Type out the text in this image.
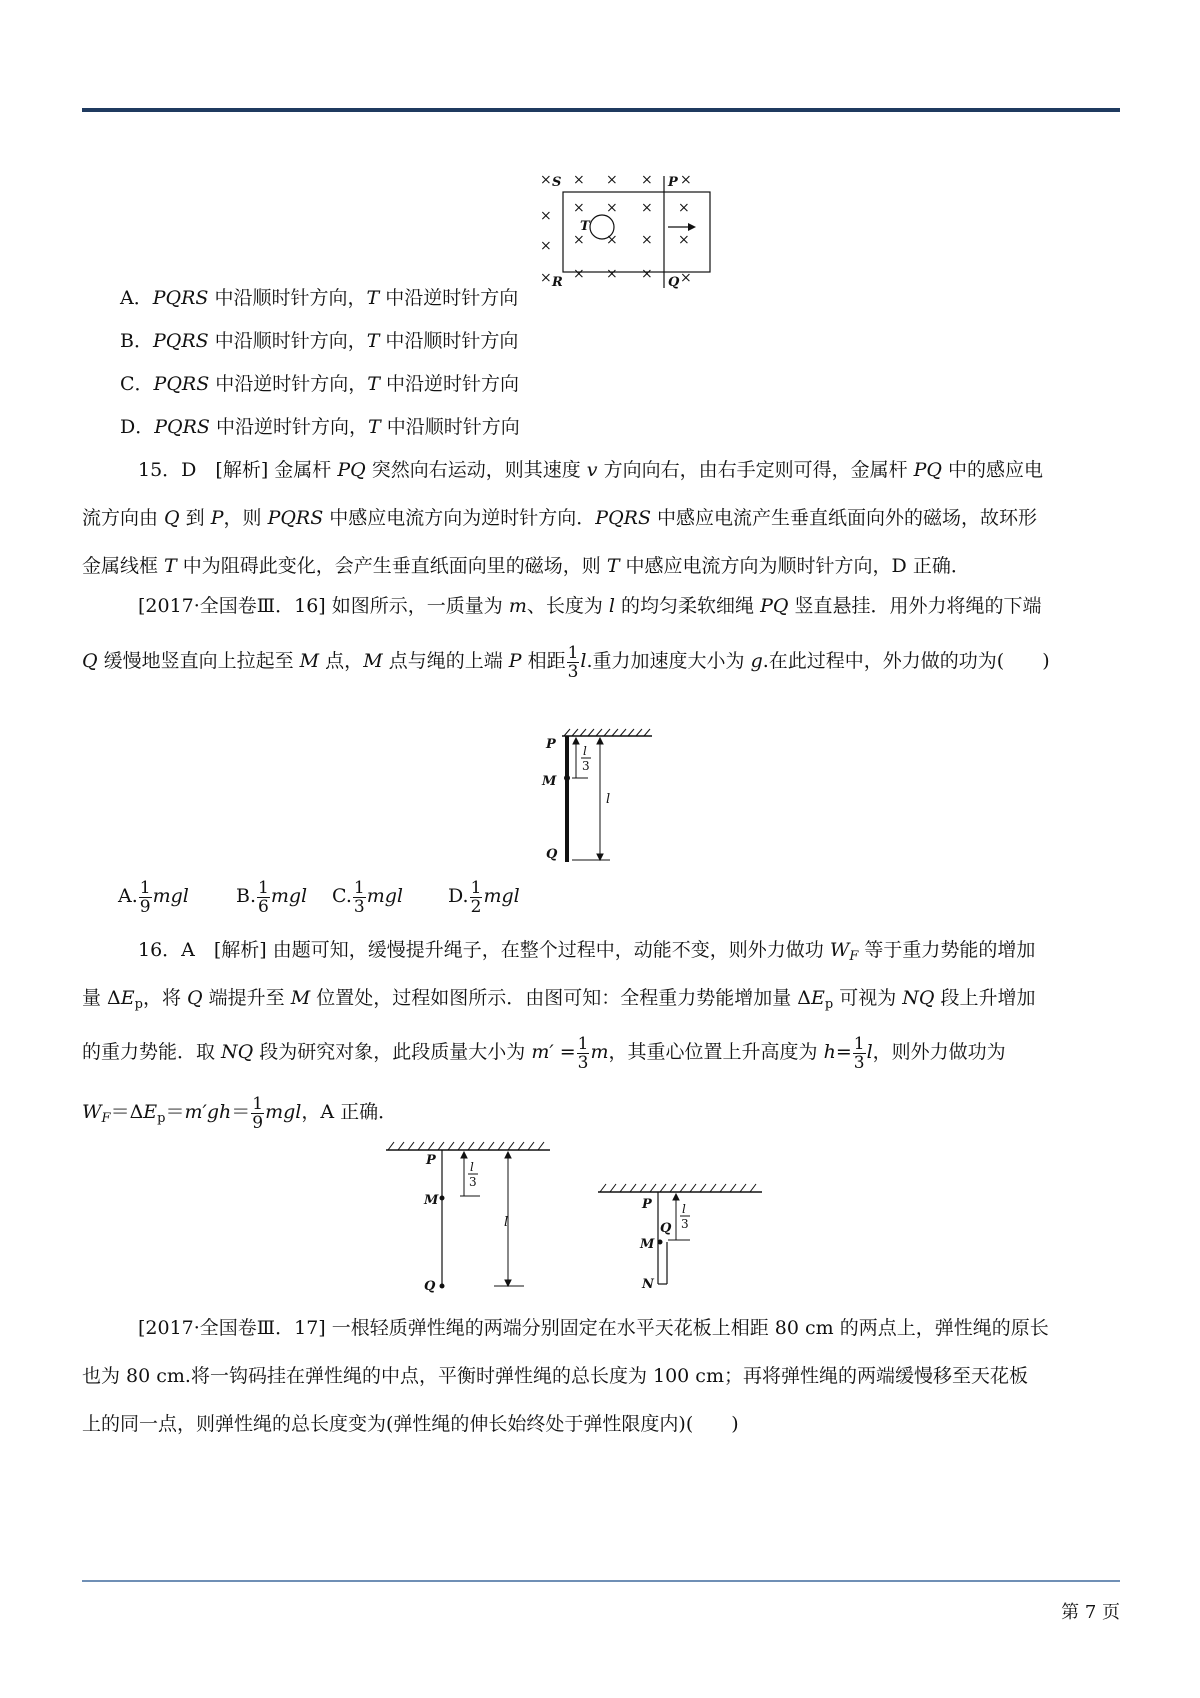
× × × × ×
× × × × ×
× × × × ×
× × × × ×
S	P
T
R	Q
A．PQRS 中沿顺时针方向，T 中沿逆时针方向
B．PQRS 中沿顺时针方向，T 中沿顺时针方向
C．PQRS 中沿逆时针方向，T 中沿逆时针方向
D．PQRS 中沿逆时针方向，T 中沿顺时针方向
15．D　[解析] 金属杆 PQ 突然向右运动，则其速度 v 方向向右，由右手定则可得，金属杆 PQ 中的感应电
流方向由 Q 到 P，则 PQRS 中感应电流方向为逆时针方向．PQRS 中感应电流产生垂直纸面向外的磁场，故环形
金属线框 T 中为阻碍此变化，会产生垂直纸面向里的磁场，则 T 中感应电流方向为顺时针方向，D 正确．
[2017·全国卷Ⅲ．16] 如图所示，一质量为 m、长度为 l 的均匀柔软细绳 PQ 竖直悬挂．用外力将绳的下端
Q 缓慢地竖直向上拉起至 M 点，M 点与绳的上端 P 相距 $\frac{1}{3} l$.重力加速度大小为 g.在此过程中，外力做的功为(　　)
P
M
Q
l
l
3
A. $\frac{1}{9}$ mgl B. $\frac{1}{6}$ mgl C. $\frac{1}{3}$ mgl D. $\frac{1}{2}$ mgl
16．A　[解析] 由题可知，缓慢提升绳子，在整个过程中，动能不变，则外力做功 $W_F$ 等于重力势能的增加
量 $\Delta E_p$，将 Q 端提升至 M 位置处，过程如图所示．由图可知：全程重力势能增加量 $\Delta E_p$ 可视为 NQ 段上升增加
的重力势能．取 NQ 段为研究对象，此段质量大小为 $m' = \frac{1}{3}$ m，其重心位置上升高度为 $h= \frac{1}{3}$ l，则外力做功为
$W_F=\Delta E_p=m'gh= \frac{1}{9}$ mgl，A 正确．
P
M
Q
l
l
3
P
Q
M
N
l
3
[2017·全国卷Ⅲ．17] 一根轻质弹性绳的两端分别固定在水平天花板上相距 80 cm 的两点上，弹性绳的原长
也为 80 cm.将一钩码挂在弹性绳的中点，平衡时弹性绳的总长度为 100 cm；再将弹性绳的两端缓慢移至天花板
上的同一点，则弹性绳的总长度变为(弹性绳的伸长始终处于弹性限度内)(　　)
第 7 页
